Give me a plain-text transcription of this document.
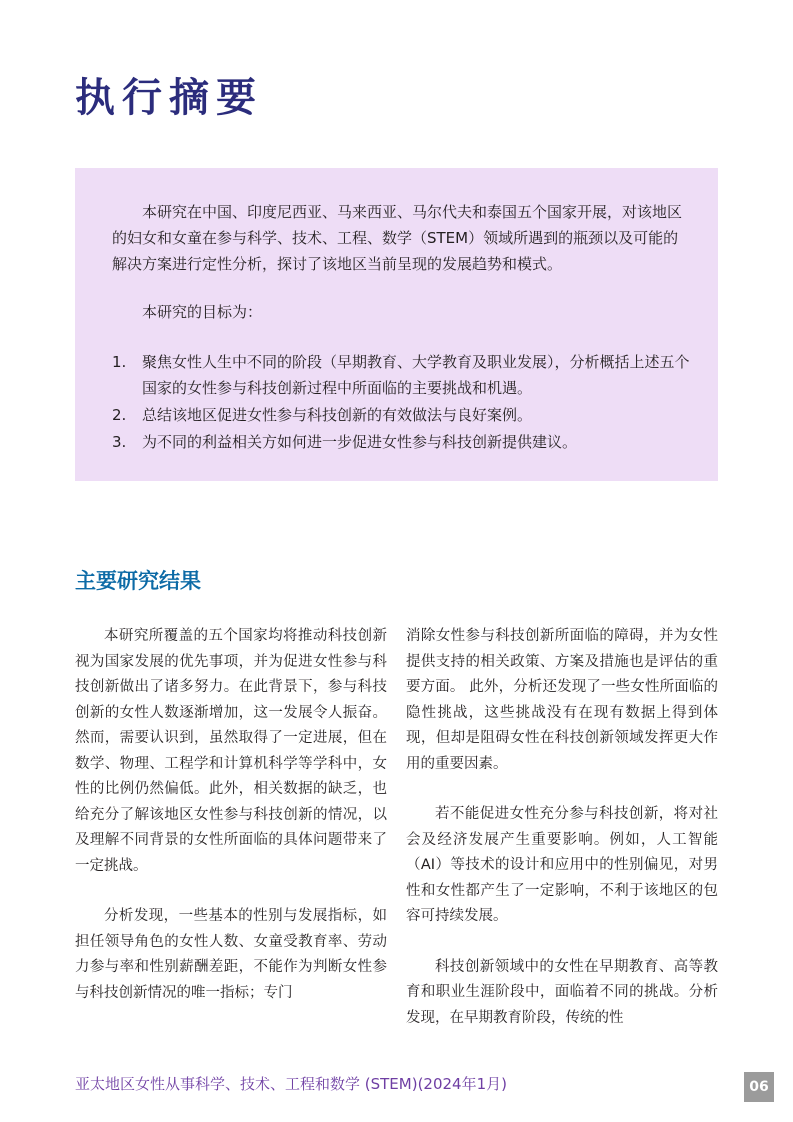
执行摘要

本研究在中国、印度尼西亚、马来西亚、马尔代夫和泰国五个国家开展，对该地区的妇女和女童在参与科学、技术、工程、数学（STEM）领域所遇到的瓶颈以及可能的解决方案进行定性分析，探讨了该地区当前呈现的发展趋势和模式。

本研究的目标为：

1. 聚焦女性人生中不同的阶段（早期教育、大学教育及职业发展），分析概括上述五个国家的女性参与科技创新过程中所面临的主要挑战和机遇。
2. 总结该地区促进女性参与科技创新的有效做法与良好案例。
3. 为不同的利益相关方如何进一步促进女性参与科技创新提供建议。
主要研究结果

本研究所覆盖的五个国家均将推动科技创新视为国家发展的优先事项，并为促进女性参与科技创新做出了诸多努力。在此背景下，参与科技创新的女性人数逐渐增加，这一发展令人振奋。然而，需要认识到，虽然取得了一定进展，但在数学、物理、工程学和计算机科学等学科中，女性的比例仍然偏低。此外，相关数据的缺乏，也给充分了解该地区女性参与科技创新的情况，以及理解不同背景的女性所面临的具体问题带来了一定挑战。

分析发现，一些基本的性别与发展指标，如担任领导角色的女性人数、女童受教育率、劳动力参与率和性别薪酬差距，不能作为判断女性参与科技创新情况的唯一指标；专门

消除女性参与科技创新所面临的障碍，并为女性提供支持的相关政策、方案及措施也是评估的重要方面。 此外，分析还发现了一些女性所面临的隐性挑战，这些挑战没有在现有数据上得到体现，但却是阻碍女性在科技创新领域发挥更大作用的重要因素。

若不能促进女性充分参与科技创新，将对社会及经济发展产生重要影响。例如，人工智能（AI）等技术的设计和应用中的性别偏见，对男性和女性都产生了一定影响，不利于该地区的包容可持续发展。

科技创新领域中的女性在早期教育、高等教育和职业生涯阶段中，面临着不同的挑战。分析发现，在早期教育阶段，传统的性

亚太地区女性从事科学、技术、工程和数学 (STEM)(2024年1月)	06
